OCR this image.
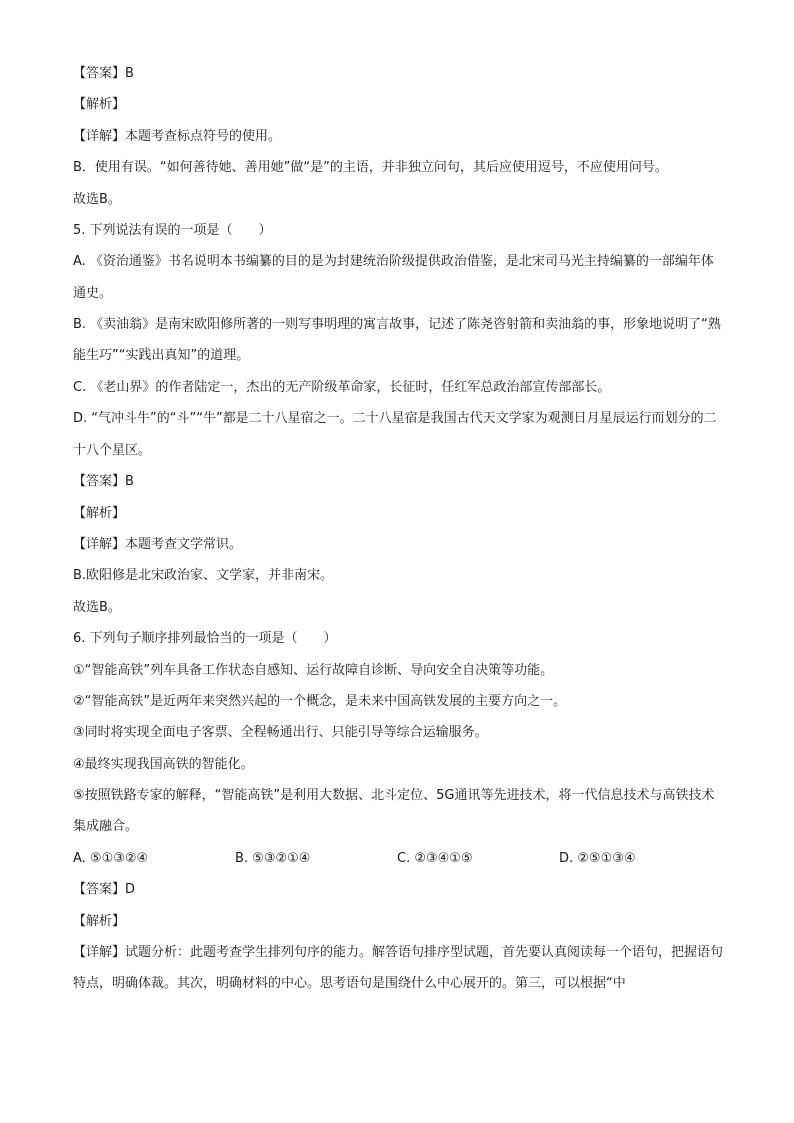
【答案】B
【解析】
【详解】本题考查标点符号的使用。
B．使用有误。“如何善待她、善用她”做“是”的主语，并非独立问句，其后应使用逗号，不应使用问号。
故选B。
5. 下列说法有误的一项是（　　）
A. 《资治通鉴》书名说明本书编纂的目的是为封建统治阶级提供政治借鉴，是北宋司马光主持编纂的一部编年体通史。
B. 《卖油翁》是南宋欧阳修所著的一则写事明理的寓言故事，记述了陈尧咨射箭和卖油翁的事，形象地说明了“熟能生巧”“实践出真知”的道理。
C. 《老山界》的作者陆定一，杰出的无产阶级革命家，长征时，任红军总政治部宣传部部长。
D. “气冲斗牛”的“斗”“牛”都是二十八星宿之一。二十八星宿是我国古代天文学家为观测日月星辰运行而划分的二十八个星区。
【答案】B
【解析】
【详解】本题考查文学常识。
B.欧阳修是北宋政治家、文学家，并非南宋。
故选B。
6. 下列句子顺序排列最恰当的一项是（　　）
①“智能高铁”列车具备工作状态自感知、运行故障自诊断、导向安全自决策等功能。
②“智能高铁”是近两年来突然兴起的一个概念，是未来中国高铁发展的主要方向之一。
③同时将实现全面电子客票、全程畅通出行、只能引导等综合运输服务。
④最终实现我国高铁的智能化。
⑤按照铁路专家的解释，“智能高铁”是利用大数据、北斗定位、5G通讯等先进技术，将一代信息技术与高铁技术集成融合。
A. ⑤①③②④	B. ⑤③②①④	C. ②③④①⑤	D. ②⑤①③④
【答案】D
【解析】
【详解】试题分析：此题考查学生排列句序的能力。解答语句排序型试题，首先要认真阅读每一个语句，把握语句特点，明确体裁。其次，明确材料的中心。思考语句是围绕什么中心展开的。第三，可以根据“中
